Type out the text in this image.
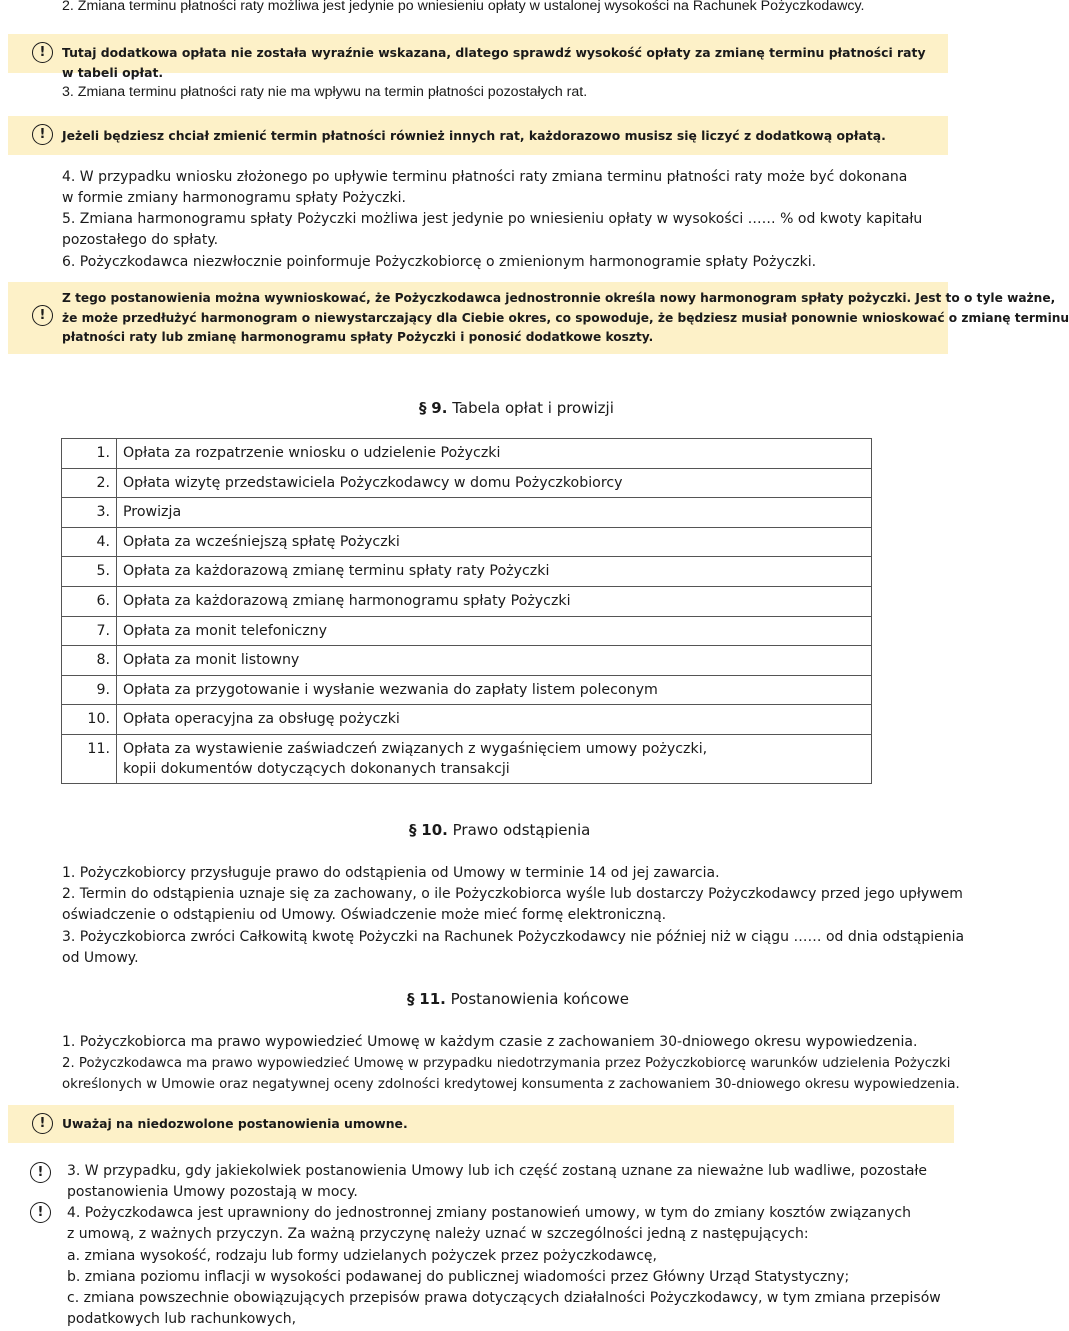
2. Zmiana terminu płatności raty możliwa jest jedynie po wniesieniu opłaty w ustalonej wysokości na Rachunek Pożyczkodawcy.
!	Tutaj dodatkowa opłata nie została wyraźnie wskazana, dlatego sprawdź wysokość opłaty za zmianę terminu płatności raty w tabeli opłat.
3. Zmiana terminu płatności raty nie ma wpływu na termin płatności pozostałych rat.
!	Jeżeli będziesz chciał zmienić termin płatności również innych rat, każdorazowo musisz się liczyć z dodatkową opłatą.
4. W przypadku wniosku złożonego po upływie terminu płatności raty zmiana terminu płatności raty może być dokonana
w formie zmiany harmonogramu spłaty Pożyczki.
5. Zmiana harmonogramu spłaty Pożyczki możliwa jest jedynie po wniesieniu opłaty w wysokości …… % od kwoty kapitału
pozostałego do spłaty.
6. Pożyczkodawca niezwłocznie poinformuje Pożyczkobiorcę o zmienionym harmonogramie spłaty Pożyczki.
!
Z tego postanowienia można wywnioskować, że Pożyczkodawca jednostronnie określa nowy harmonogram spłaty pożyczki. Jest to o tyle ważne,
że może przedłużyć harmonogram o niewystarczający dla Ciebie okres, co spowoduje, że będziesz musiał ponownie wnioskować o zmianę terminu
płatności raty lub zmianę harmonogramu spłaty Pożyczki i ponosić dodatkowe koszty.
§ 9. Tabela opłat i prowizji
1.	Opłata za rozpatrzenie wniosku o udzielenie Pożyczki
2.	Opłata wizytę przedstawiciela Pożyczkodawcy w domu Pożyczkobiorcy
3.	Prowizja
4.	Opłata za wcześniejszą spłatę Pożyczki
5.	Opłata za każdorazową zmianę terminu spłaty raty Pożyczki
6.	Opłata za każdorazową zmianę harmonogramu spłaty Pożyczki
7.	Opłata za monit telefoniczny
8.	Opłata za monit listowny
9.	Opłata za przygotowanie i wysłanie wezwania do zapłaty listem poleconym
10.	Opłata operacyjna za obsługę pożyczki
11.	Opłata za wystawienie zaświadczeń związanych z wygaśnięciem umowy pożyczki,
kopii dokumentów dotyczących dokonanych transakcji
§ 10. Prawo odstąpienia
1. Pożyczkobiorcy przysługuje prawo do odstąpienia od Umowy w terminie 14 od jej zawarcia.
2. Termin do odstąpienia uznaje się za zachowany, o ile Pożyczkobiorca wyśle lub dostarczy Pożyczkodawcy przed jego upływem
oświadczenie o odstąpieniu od Umowy. Oświadczenie może mieć formę elektroniczną.
3. Pożyczkobiorca zwróci Całkowitą kwotę Pożyczki na Rachunek Pożyczkodawcy nie później niż w ciągu …… od dnia odstąpienia
od Umowy.
§ 11. Postanowienia końcowe
1. Pożyczkobiorca ma prawo wypowiedzieć Umowę w każdym czasie z zachowaniem 30-dniowego okresu wypowiedzenia.
2. Pożyczkodawca ma prawo wypowiedzieć Umowę w przypadku niedotrzymania przez Pożyczkobiorcę warunków udzielenia Pożyczki
określonych w Umowie oraz negatywnej oceny zdolności kredytowej konsumenta z zachowaniem 30-dniowego okresu wypowiedzenia.
!	Uważaj na niedozwolone postanowienia umowne.
!
!
3. W przypadku, gdy jakiekolwiek postanowienia Umowy lub ich część zostaną uznane za nieważne lub wadliwe, pozostałe
postanowienia Umowy pozostają w mocy.
4. Pożyczkodawca jest uprawniony do jednostronnej zmiany postanowień umowy, w tym do zmiany kosztów związanych
z umową, z ważnych przyczyn. Za ważną przyczynę należy uznać w szczególności jedną z następujących:
a. zmiana wysokość, rodzaju lub formy udzielanych pożyczek przez pożyczkodawcę,
b. zmiana poziomu inflacji w wysokości podawanej do publicznej wiadomości przez Główny Urząd Statystyczny;
c. zmiana powszechnie obowiązujących przepisów prawa dotyczących działalności Pożyczkodawcy, w tym zmiana przepisów
podatkowych lub rachunkowych,
